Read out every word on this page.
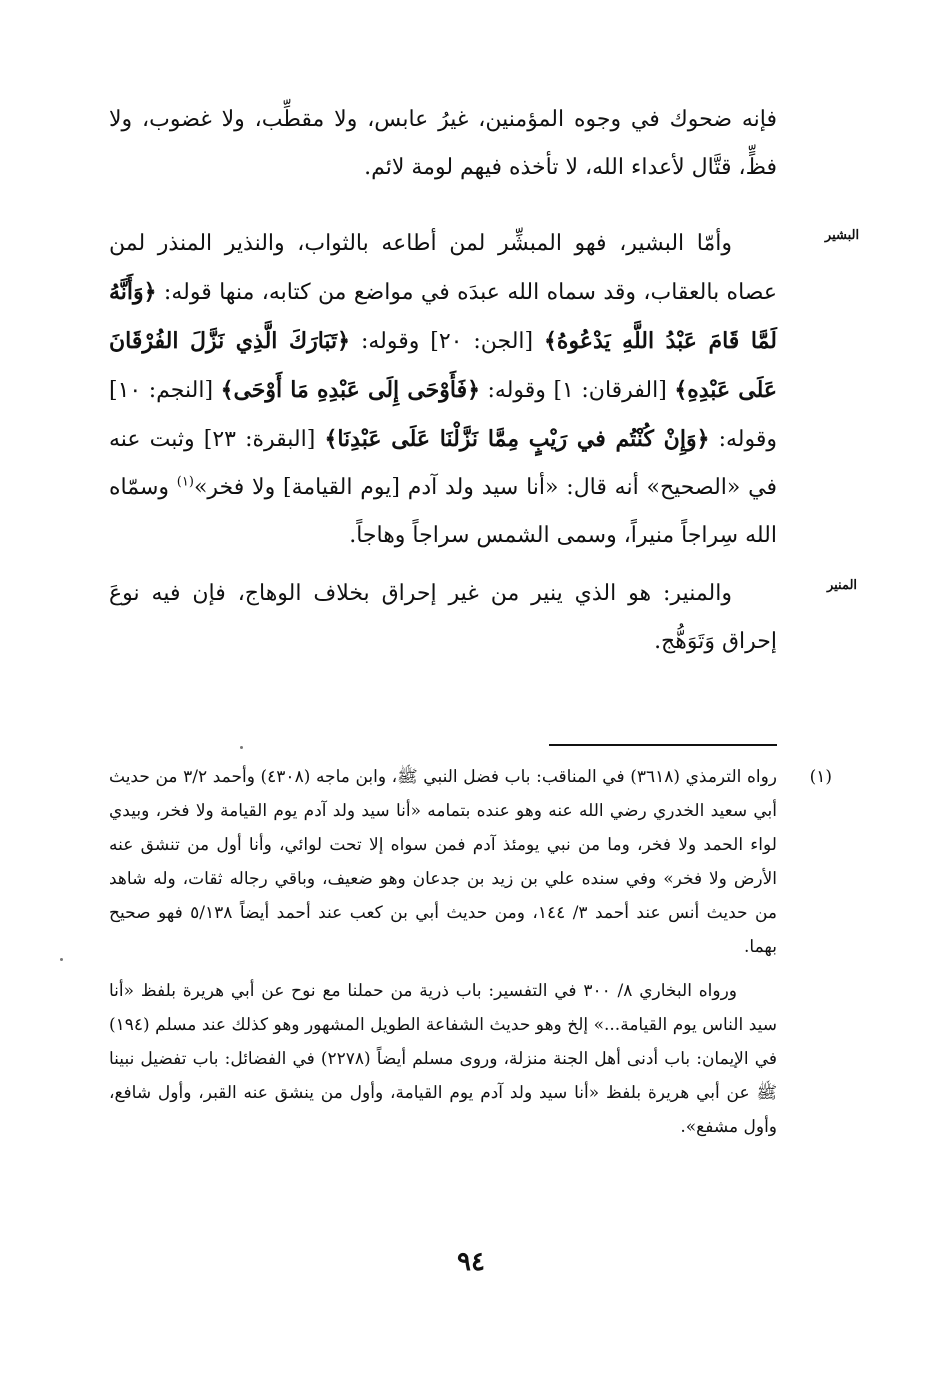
فإنه ضحوك في وجوه المؤمنين، غيرُ عابس، ولا مقطِّب، ولا غضوب، ولا فظٍّ، قتَّال لأعداء الله، لا تأخذه فيهم لومة لائم.

البشير

وأمّا البشير، فهو المبشِّر لمن أطاعه بالثواب، والنذير المنذر لمن عصاه بالعقاب، وقد سماه الله عبدَه في مواضع من كتابه، منها قوله: ﴿وَأَنَّهُ لَمَّا قَامَ عَبْدُ اللَّهِ يَدْعُوهُ﴾ [الجن: ٢٠] وقوله: ﴿تَبَارَكَ الَّذِي نَزَّلَ الفُرْقَانَ عَلَى عَبْدِهِ﴾ [الفرقان: ١] وقوله: ﴿فَأَوْحَى إِلَى عَبْدِهِ مَا أَوْحَى﴾ [النجم: ١٠] وقوله: ﴿وَإِنْ كُنْتُم في رَيْبٍ مِمَّا نَزَّلْنَا عَلَى عَبْدِنَا﴾ [البقرة: ٢٣] وثبت عنه في «الصحيح» أنه قال: «أنا سيد ولد آدم [يوم القيامة] ولا فخر»$^{(١)}$ وسمّاه الله سِراجاً منيراً، وسمى الشمس سراجاً وهاجاً.

المنير

والمنير: هو الذي ينير من غير إحراق بخلاف الوهاج، فإن فيه نوعَ إحراق وَتَوَهُّج.

(١)

رواه الترمذي (٣٦١٨) في المناقب: باب فضل النبي ﷺ، وابن ماجه (٤٣٠٨) وأحمد ٣/٢ من حديث أبي سعيد الخدري رضي الله عنه وهو عنده بتمامه «أنا سيد ولد آدم يوم القيامة ولا فخر، وبيدي لواء الحمد ولا فخر، وما من نبي يومئذ آدم فمن سواه إلا تحت لوائي، وأنا أول من تنشق عنه الأرض ولا فخر» وفي سنده علي بن زيد بن جدعان وهو ضعيف، وباقي رجاله ثقات، وله شاهد من حديث أنس عند أحمد ٣/ ١٤٤، ومن حديث أبي بن كعب عند أحمد أيضاً ٥/١٣٨ فهو صحيح بهما.

ورواه البخاري ٨/ ٣٠٠ في التفسير: باب ذرية من حملنا مع نوح عن أبي هريرة بلفظ «أنا سيد الناس يوم القيامة...» إلخ وهو حديث الشفاعة الطويل المشهور وهو كذلك عند مسلم (١٩٤) في الإيمان: باب أدنى أهل الجنة منزلة، وروى مسلم أيضاً (٢٢٧٨) في الفضائل: باب تفضيل نبينا ﷺ عن أبي هريرة بلفظ «أنا سيد ولد آدم يوم القيامة، وأول من ينشق عنه القبر، وأول شافع، وأول مشفع».

٩٤
